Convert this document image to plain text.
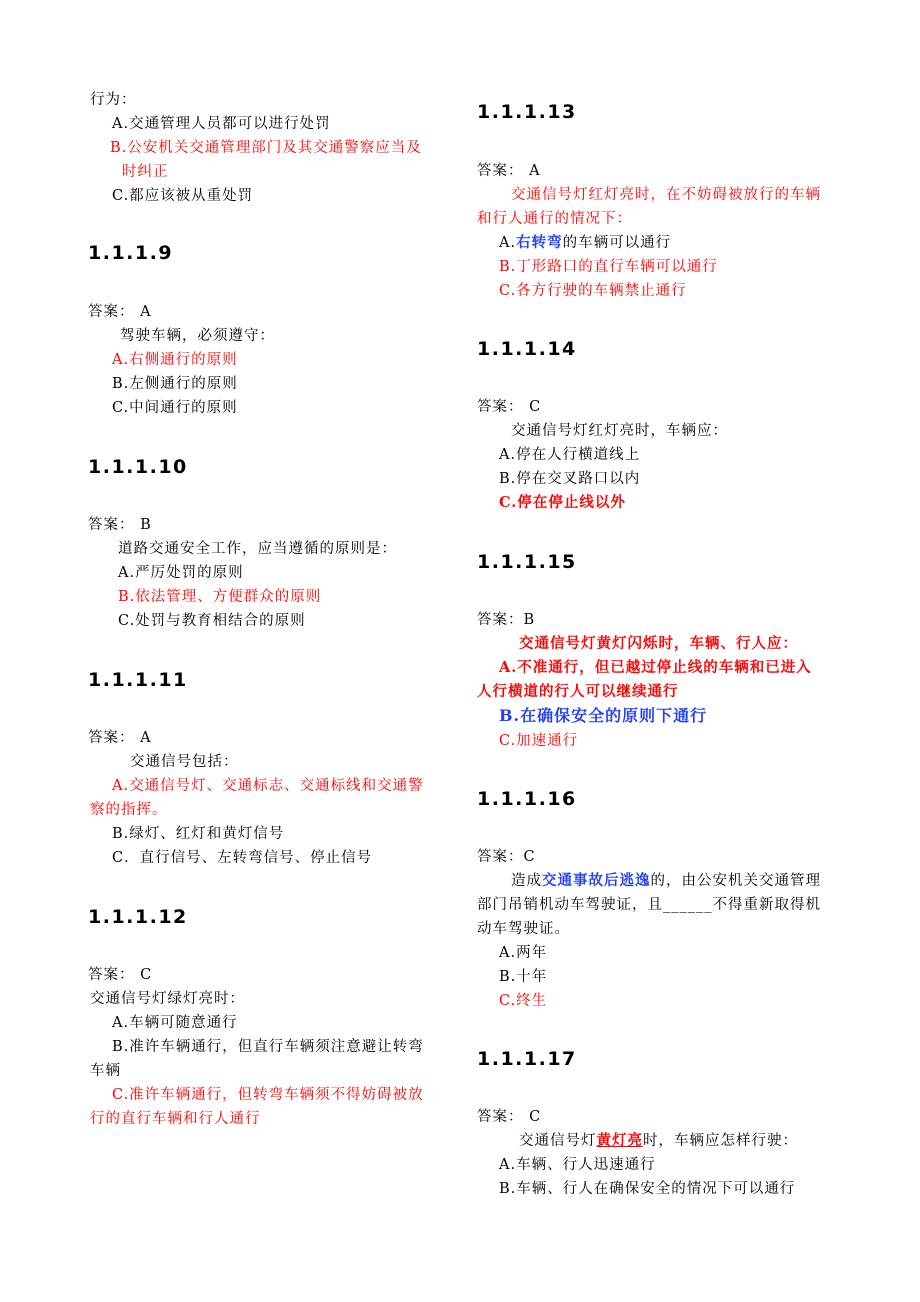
行为：
A.交通管理人员都可以进行处罚
B.公安机关交通管理部门及其交通警察应当及
时纠正
C.都应该被从重处罚
1.1.1.9
答案： A
驾驶车辆，必须遵守：
A.右侧通行的原则
B.左侧通行的原则
C.中间通行的原则
1.1.1.10
答案： B
道路交通安全工作，应当遵循的原则是：
A.严厉处罚的原则
B.依法管理、方便群众的原则
C.处罚与教育相结合的原则
1.1.1.11
答案： A
交通信号包括：
A.交通信号灯、交通标志、交通标线和交通警
察的指挥。
B.绿灯、红灯和黄灯信号
C．直行信号、左转弯信号、停止信号
1.1.1.12
答案： C
交通信号灯绿灯亮时：
A.车辆可随意通行
B.准许车辆通行，但直行车辆须注意避让转弯
车辆
C.准许车辆通行，但转弯车辆须不得妨碍被放
行的直行车辆和行人通行
1.1.1.13
答案： A
交通信号灯红灯亮时，在不妨碍被放行的车辆
和行人通行的情况下：
A.右转弯的车辆可以通行
B.丁形路口的直行车辆可以通行
C.各方行驶的车辆禁止通行
1.1.1.14
答案： C
交通信号灯红灯亮时，车辆应：
A.停在人行横道线上
B.停在交叉路口以内
C.停在停止线以外
1.1.1.15
答案：B
交通信号灯黄灯闪烁时，车辆、行人应：
A.不准通行，但已越过停止线的车辆和已进入
人行横道的行人可以继续通行
B.在确保安全的原则下通行
C.加速通行
1.1.1.16
答案：C
造成交通事故后逃逸的，由公安机关交通管理
部门吊销机动车驾驶证，且______不得重新取得机
动车驾驶证。
A.两年
B.十年
C.终生
1.1.1.17
答案： C
交通信号灯黄灯亮时，车辆应怎样行驶：
A.车辆、行人迅速通行
B.车辆、行人在确保安全的情况下可以通行
